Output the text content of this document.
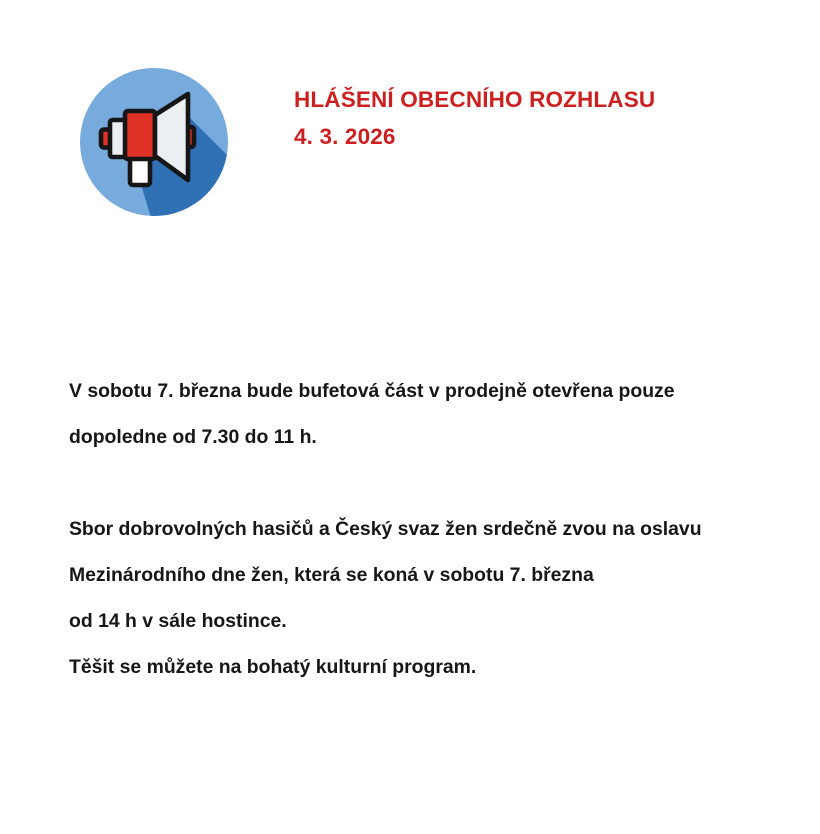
HLÁŠENÍ OBECNÍHO ROZHLASU
4. 3. 2026
V sobotu 7. března bude bufetová část v prodejně otevřena pouze
dopoledne od 7.30 do 11 h.
Sbor dobrovolných hasičů a Český svaz žen srdečně zvou na oslavu
Mezinárodního dne žen, která se koná v sobotu 7. března
od 14 h v sále hostince.
Těšit se můžete na bohatý kulturní program.
